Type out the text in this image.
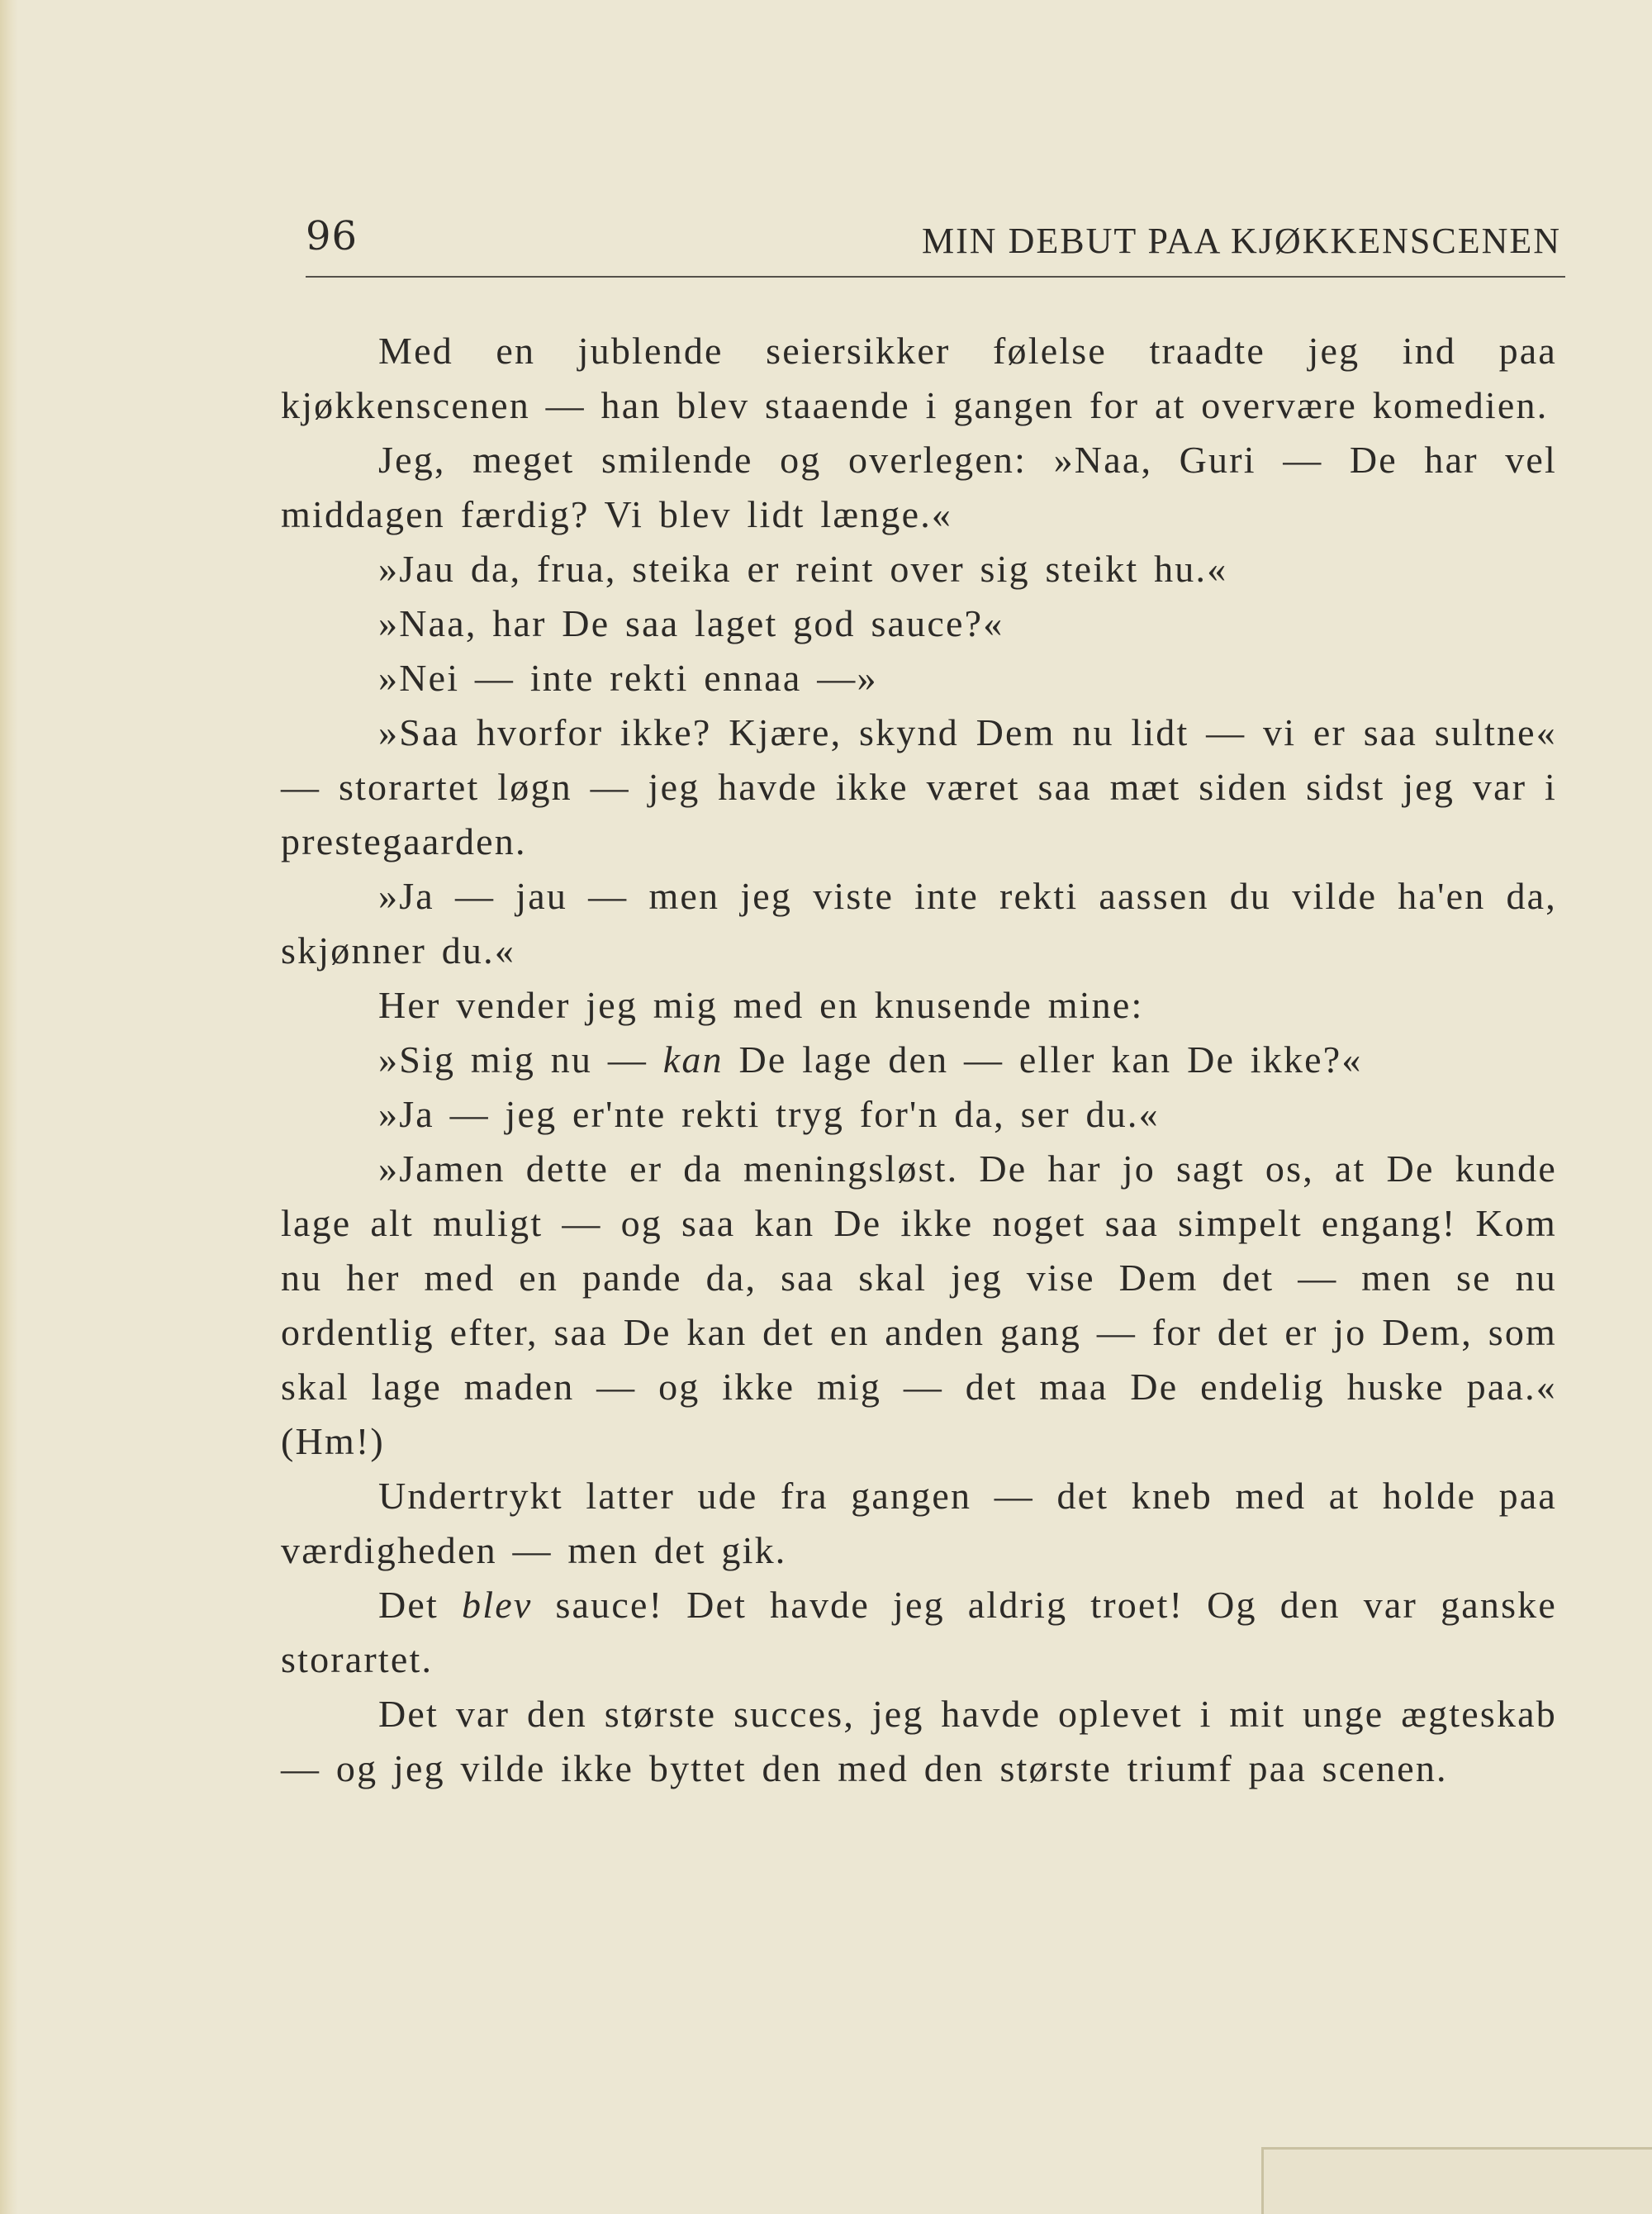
96	MIN DEBUT PAA KJØKKENSCENEN

Med en jublende seiersikker følelse traadte jeg ind paa kjøkkenscenen — han blev staaende i gangen for at overvære komedien.

Jeg, meget smilende og overlegen: »Naa, Guri — De har vel middagen færdig? Vi blev lidt længe.«

»Jau da, frua, steika er reint over sig steikt hu.«

»Naa, har De saa laget god sauce?«

»Nei — inte rekti ennaa —»

»Saa hvorfor ikke? Kjære, skynd Dem nu lidt — vi er saa sultne« — storartet løgn — jeg havde ikke været saa mæt siden sidst jeg var i prestegaarden.

»Ja — jau — men jeg viste inte rekti aassen du vilde ha'en da, skjønner du.«

Her vender jeg mig med en knusende mine:

»Sig mig nu — kan De lage den — eller kan De ikke?«

»Ja — jeg er'nte rekti tryg for'n da, ser du.«

»Jamen dette er da meningsløst. De har jo sagt os, at De kunde lage alt muligt — og saa kan De ikke noget saa simpelt engang! Kom nu her med en pande da, saa skal jeg vise Dem det — men se nu ordentlig efter, saa De kan det en anden gang — for det er jo Dem, som skal lage maden — og ikke mig — det maa De endelig huske paa.« (Hm!)

Undertrykt latter ude fra gangen — det kneb med at holde paa værdigheden — men det gik.

Det blev sauce! Det havde jeg aldrig troet! Og den var ganske storartet.

Det var den største succes, jeg havde oplevet i mit unge ægteskab — og jeg vilde ikke byttet den med den største triumf paa scenen.
